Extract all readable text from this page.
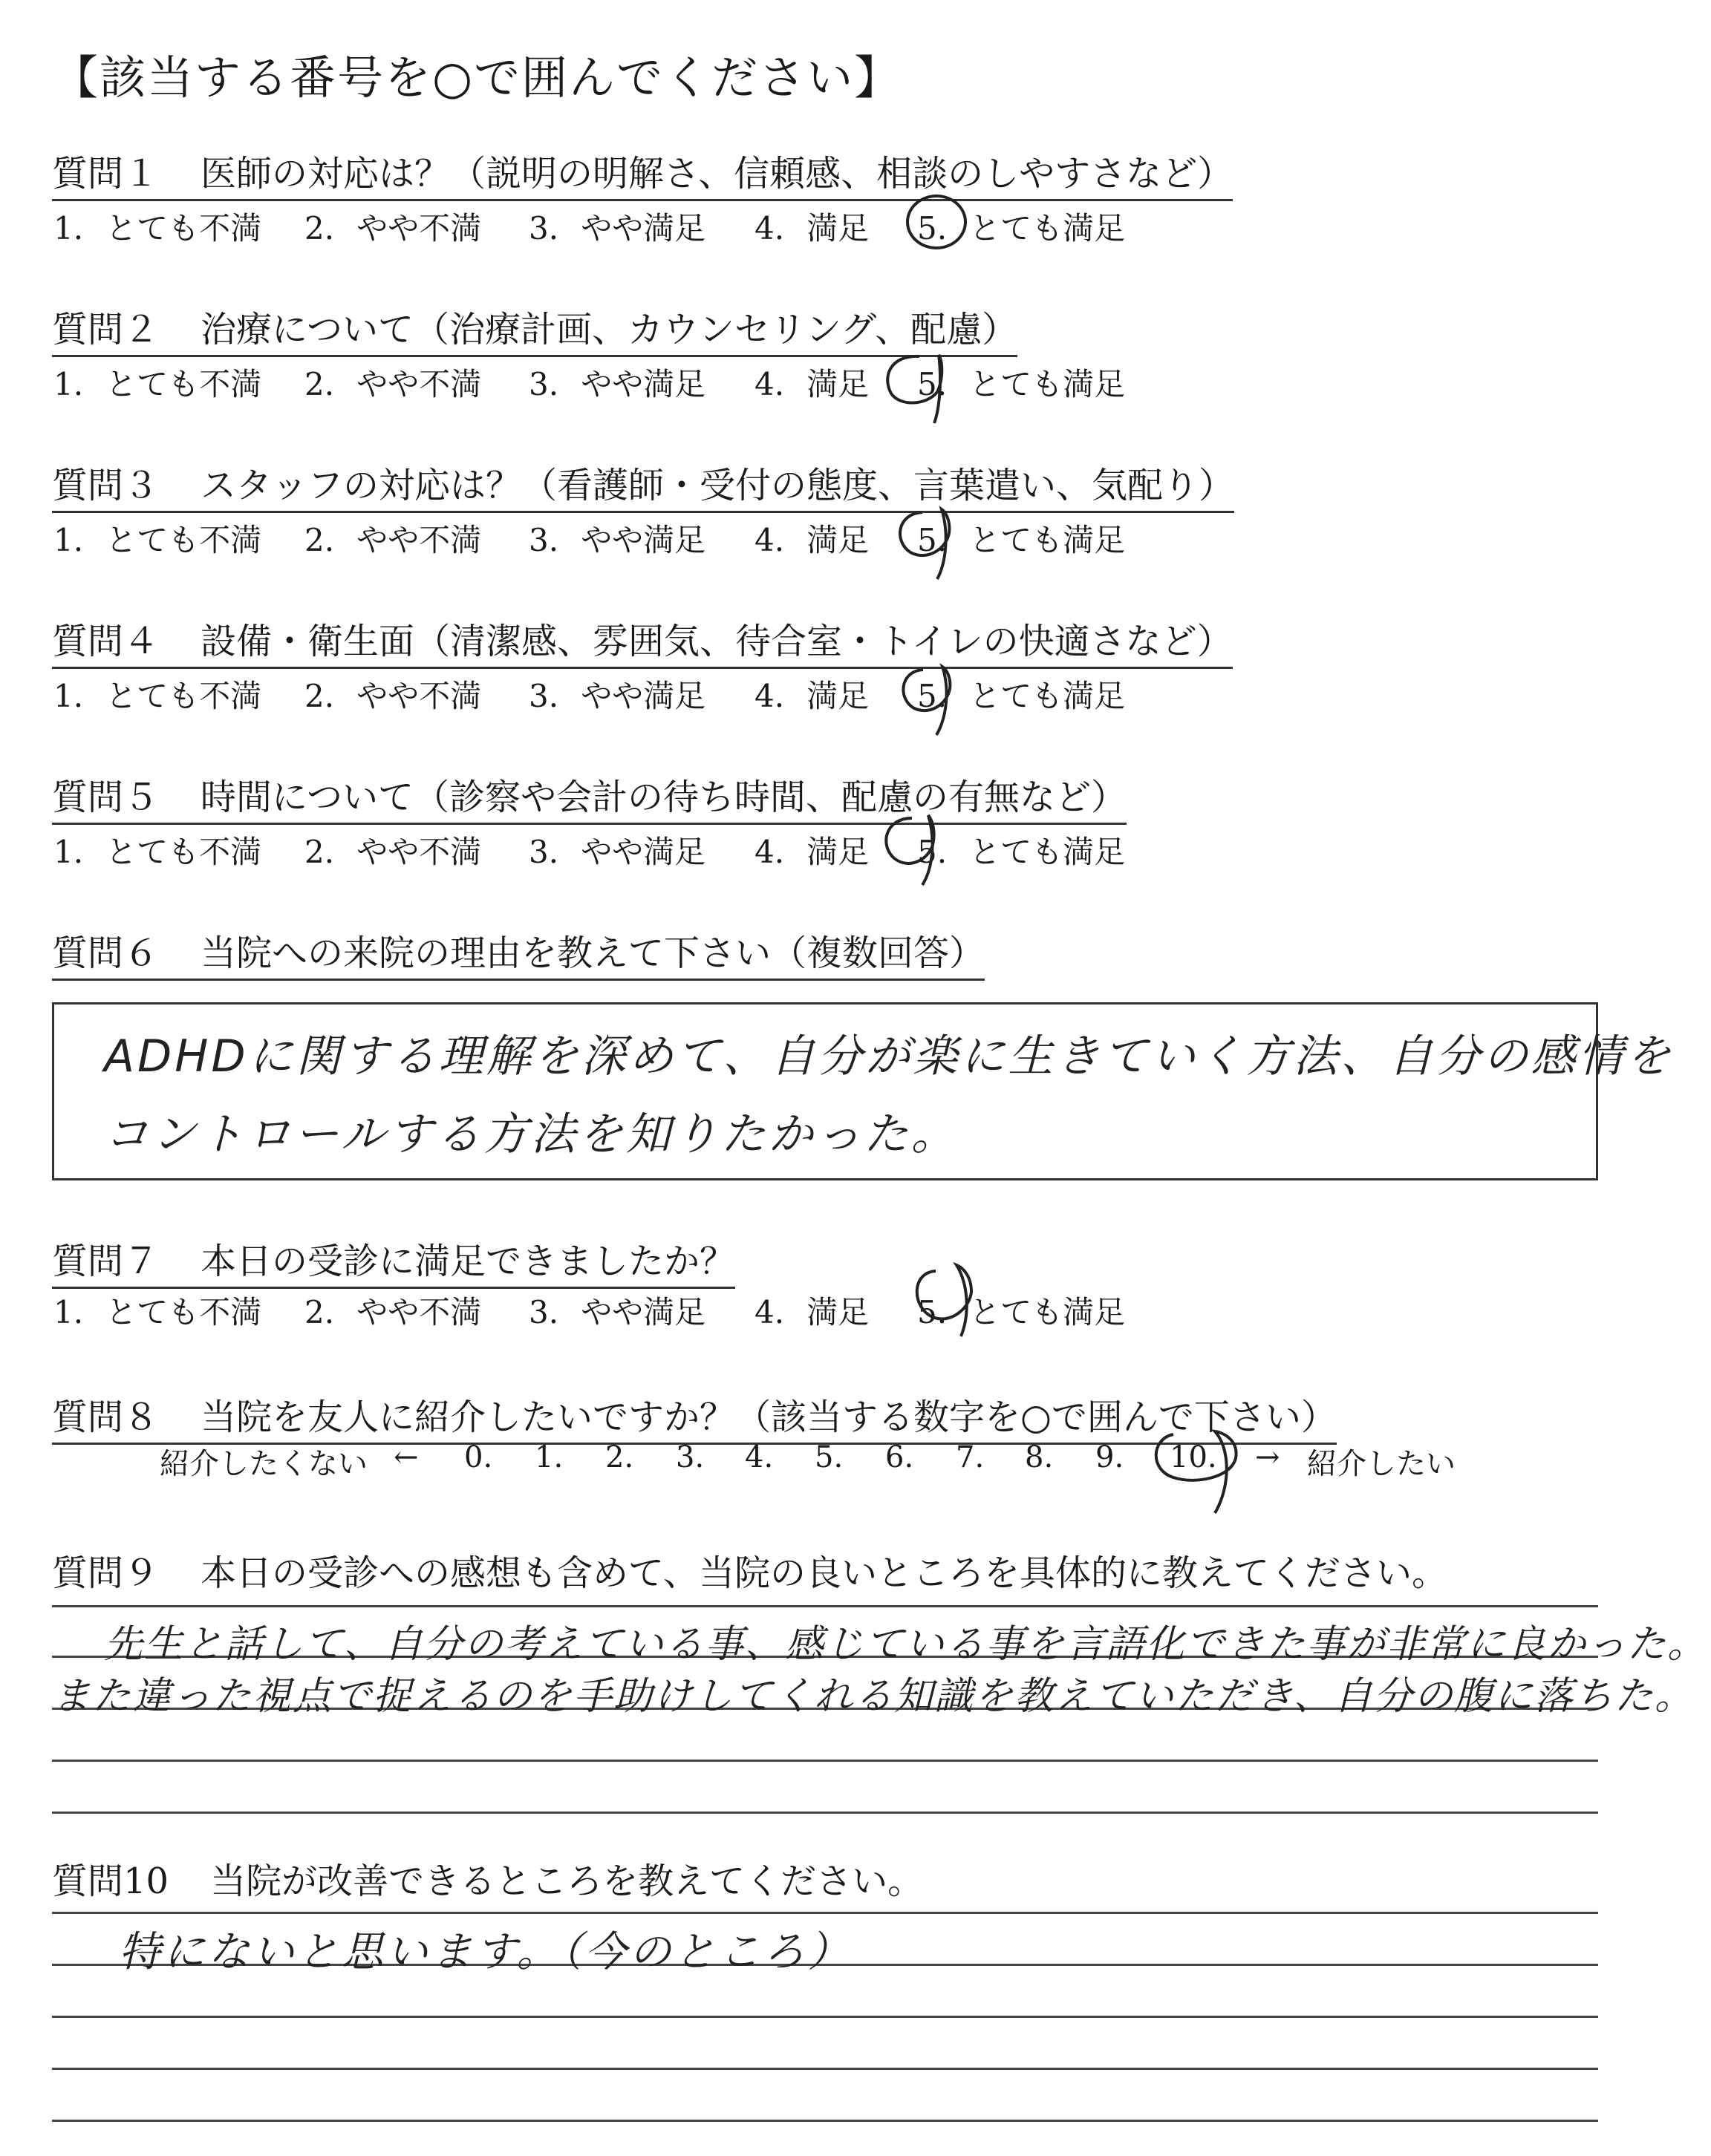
【該当する番号を○で囲んでください】
質問１ 医師の対応は？（説明の明解さ、信頼感、相談のしやすさなど）
1. とても不満 2. やや不満 3. やや満足 4. 満足 5. とても満足
質問２ 治療について（治療計画、カウンセリング、配慮）
1. とても不満 2. やや不満 3. やや満足 4. 満足 5. とても満足
質問３ スタッフの対応は？（看護師・受付の態度、言葉遣い、気配り）
1. とても不満 2. やや不満 3. やや満足 4. 満足 5. とても満足
質問４ 設備・衛生面（清潔感、雰囲気、待合室・トイレの快適さなど）
1. とても不満 2. やや不満 3. やや満足 4. 満足 5. とても満足
質問５ 時間について（診察や会計の待ち時間、配慮の有無など）
1. とても不満 2. やや不満 3. やや満足 4. 満足 5. とても満足
質問６ 当院への来院の理由を教えて下さい（複数回答）
ADHDに関する理解を深めて、自分が楽に生きていく方法、自分の感情を
コントロールする方法を知りたかった。
質問７ 本日の受診に満足できましたか？
1. とても不満 2. やや不満 3. やや満足 4. 満足 5. とても満足
質問８ 当院を友人に紹介したいですか？（該当する数字を○で囲んで下さい）
紹介したくない ← 0. 1. 2. 3. 4. 5. 6. 7. 8. 9. 10. → 紹介したい
質問９ 本日の受診への感想も含めて、当院の良いところを具体的に教えてください。
先生と話して、自分の考えている事、感じている事を言語化できた事が非常に良かった。
また違った視点で捉えるのを手助けしてくれる知識を教えていただき、自分の腹に落ちた。
質問10 当院が改善できるところを教えてください。
特にないと思います。（今のところ）
